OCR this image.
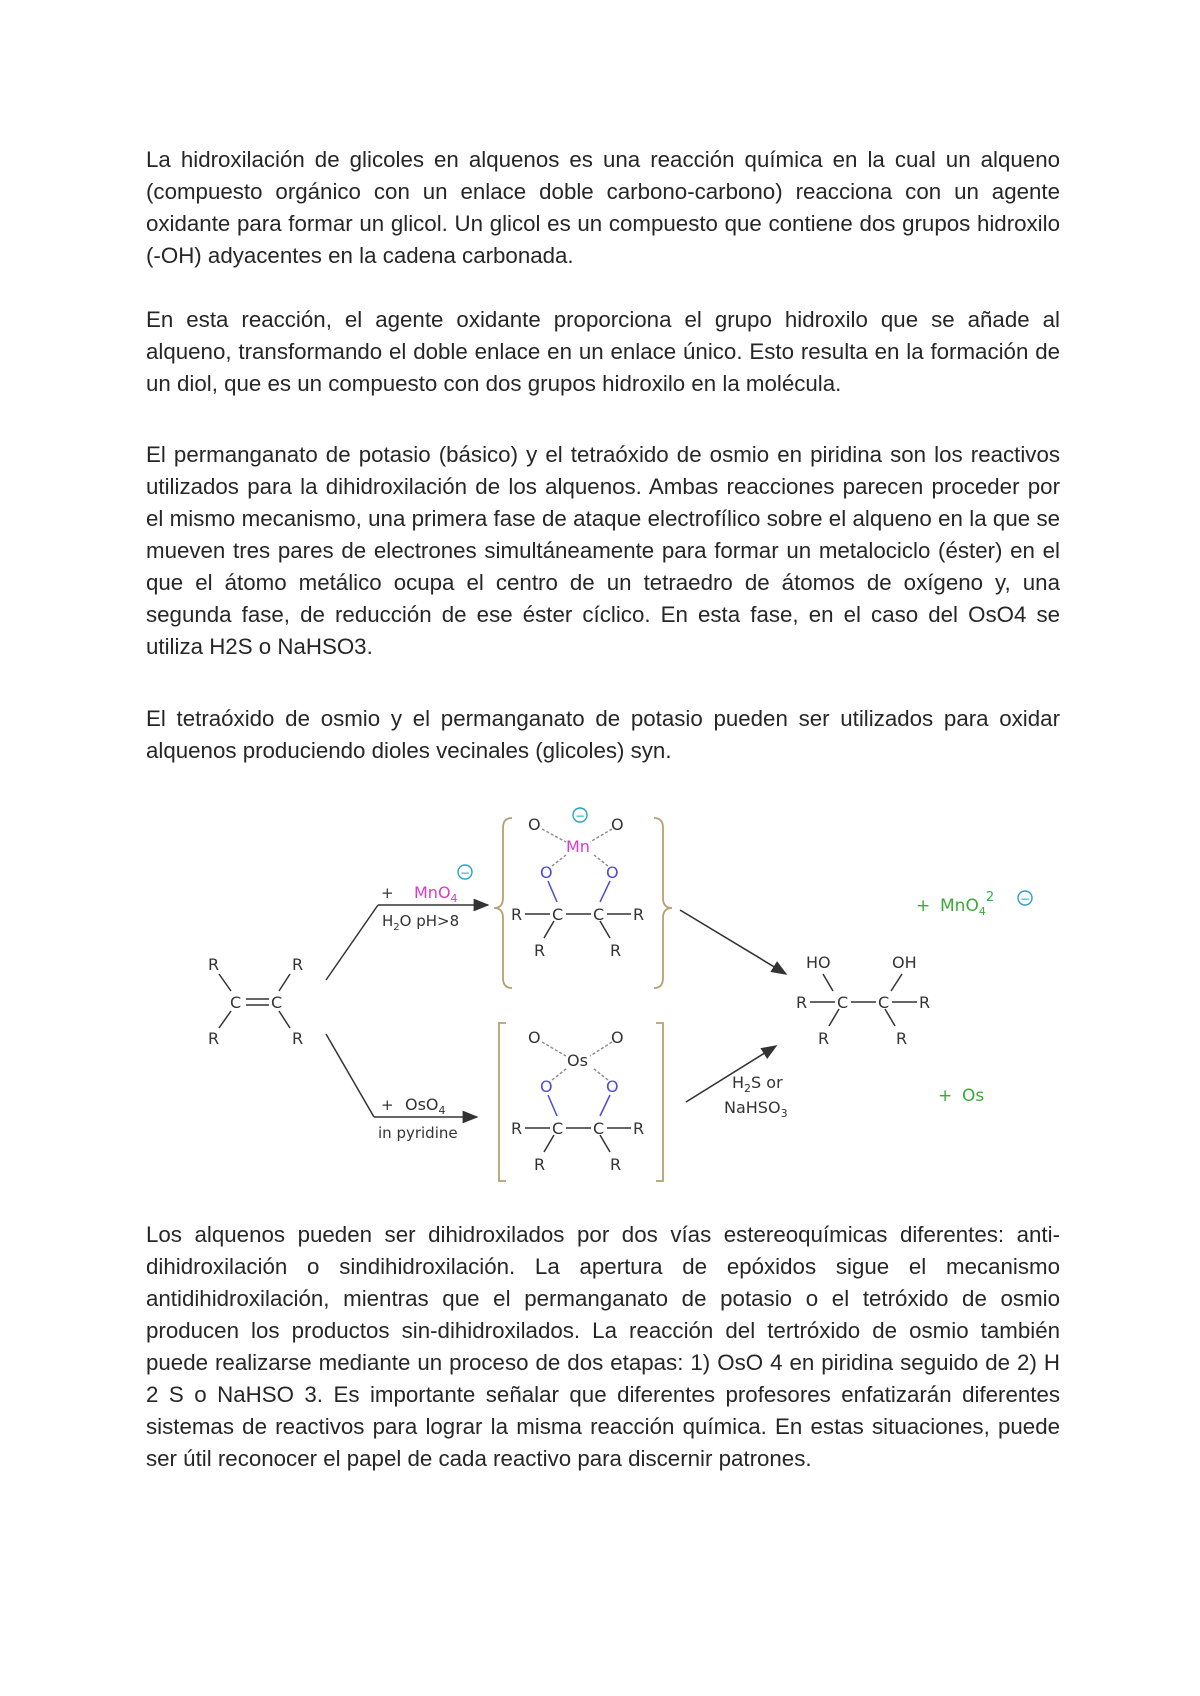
La hidroxilación de glicoles en alquenos es una reacción química en la cual un alqueno (compuesto orgánico con un enlace doble carbono-carbono) reacciona con un agente oxidante para formar un glicol. Un glicol es un compuesto que contiene dos grupos hidroxilo (-OH) adyacentes en la cadena carbonada.

En esta reacción, el agente oxidante proporciona el grupo hidroxilo que se añade al alqueno, transformando el doble enlace en un enlace único. Esto resulta en la formación de un diol, que es un compuesto con dos grupos hidroxilo en la molécula.

El permanganato de potasio (básico) y el tetraóxido de osmio en piridina son los reactivos utilizados para la dihidroxilación de los alquenos. Ambas reacciones parecen proceder por el mismo mecanismo, una primera fase de ataque electrofílico sobre el alqueno en la que se mueven tres pares de electrones simultáneamente para formar un metalociclo (éster) en el que el átomo metálico ocupa el centro de un tetraedro de átomos de oxígeno y, una segunda fase, de reducción de ese éster cíclico. En esta fase, en el caso del OsO4 se utiliza H2S o NaHSO3.

El tetraóxido de osmio y el permanganato de potasio pueden ser utilizados para oxidar alquenos produciendo dioles vecinales (glicoles) syn.

R	R
R	R
C C
+ MnO$_4$
−
$H_2O$ pH>8
O	O
−
Mn
O	O
R C C R
R	R
+ OsO$_4$
in pyridine
O	O
Os
O	O
R C C R
R	R
$H_2S$ or
NaHSO$_3$
HO	OH
R C C R
R	R
+ MnO$_4^2$ −
+ Os

Los alquenos pueden ser dihidroxilados por dos vías estereoquímicas diferentes: anti-dihidroxilación o sindihidroxilación. La apertura de epóxidos sigue el mecanismo antidihidroxilación, mientras que el permanganato de potasio o el tetróxido de osmio producen los productos sin-dihidroxilados. La reacción del tertróxido de osmio también puede realizarse mediante un proceso de dos etapas: 1) OsO 4 en piridina seguido de 2) H 2 S o NaHSO 3. Es importante señalar que diferentes profesores enfatizarán diferentes sistemas de reactivos para lograr la misma reacción química. En estas situaciones, puede ser útil reconocer el papel de cada reactivo para discernir patrones.
